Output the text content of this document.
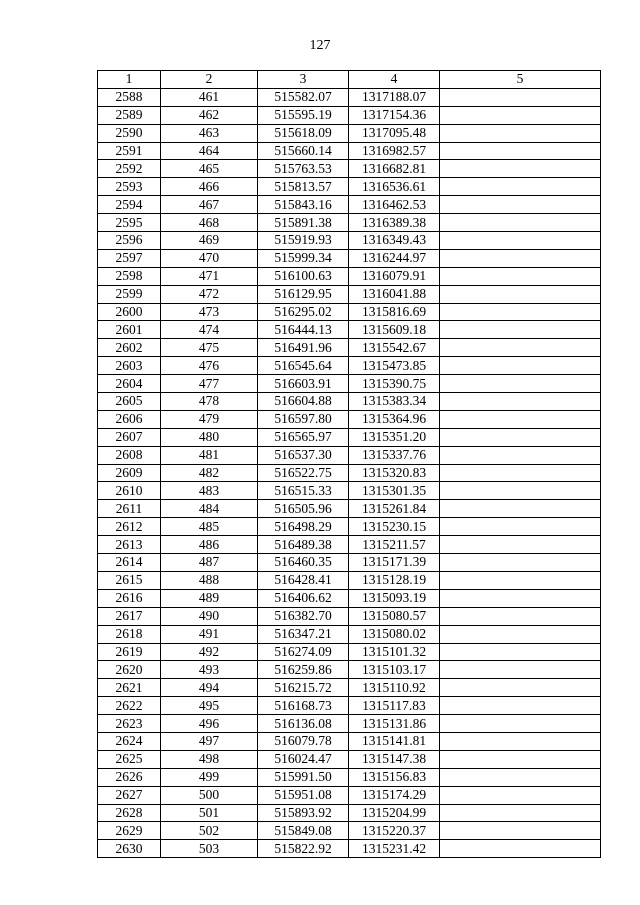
127
1	2	3	4	5
2588	461	515582.07	1317188.07	
2589	462	515595.19	1317154.36	
2590	463	515618.09	1317095.48	
2591	464	515660.14	1316982.57	
2592	465	515763.53	1316682.81	
2593	466	515813.57	1316536.61	
2594	467	515843.16	1316462.53	
2595	468	515891.38	1316389.38	
2596	469	515919.93	1316349.43	
2597	470	515999.34	1316244.97	
2598	471	516100.63	1316079.91	
2599	472	516129.95	1316041.88	
2600	473	516295.02	1315816.69	
2601	474	516444.13	1315609.18	
2602	475	516491.96	1315542.67	
2603	476	516545.64	1315473.85	
2604	477	516603.91	1315390.75	
2605	478	516604.88	1315383.34	
2606	479	516597.80	1315364.96	
2607	480	516565.97	1315351.20	
2608	481	516537.30	1315337.76	
2609	482	516522.75	1315320.83	
2610	483	516515.33	1315301.35	
2611	484	516505.96	1315261.84	
2612	485	516498.29	1315230.15	
2613	486	516489.38	1315211.57	
2614	487	516460.35	1315171.39	
2615	488	516428.41	1315128.19	
2616	489	516406.62	1315093.19	
2617	490	516382.70	1315080.57	
2618	491	516347.21	1315080.02	
2619	492	516274.09	1315101.32	
2620	493	516259.86	1315103.17	
2621	494	516215.72	1315110.92	
2622	495	516168.73	1315117.83	
2623	496	516136.08	1315131.86	
2624	497	516079.78	1315141.81	
2625	498	516024.47	1315147.38	
2626	499	515991.50	1315156.83	
2627	500	515951.08	1315174.29	
2628	501	515893.92	1315204.99	
2629	502	515849.08	1315220.37	
2630	503	515822.92	1315231.42	
